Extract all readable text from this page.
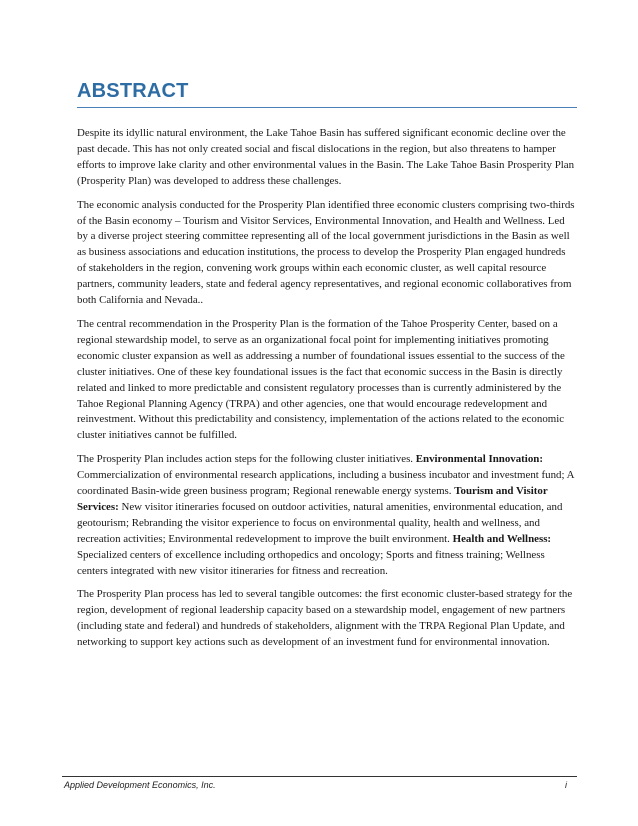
ABSTRACT

Despite its idyllic natural environment, the Lake Tahoe Basin has suffered significant economic decline over the past decade. This has not only created social and fiscal dislocations in the region, but also threatens to hamper efforts to improve lake clarity and other environmental values in the Basin. The Lake Tahoe Basin Prosperity Plan (Prosperity Plan) was developed to address these challenges.

The economic analysis conducted for the Prosperity Plan identified three economic clusters comprising two-thirds of the Basin economy – Tourism and Visitor Services, Environmental Innovation, and Health and Wellness. Led by a diverse project steering committee representing all of the local government jurisdictions in the Basin as well as business associations and education institutions, the process to develop the Prosperity Plan engaged hundreds of stakeholders in the region, convening work groups within each economic cluster, as well capital resource partners, community leaders, state and federal agency representatives, and regional economic collaboratives from both California and Nevada..

The central recommendation in the Prosperity Plan is the formation of the Tahoe Prosperity Center, based on a regional stewardship model, to serve as an organizational focal point for implementing initiatives promoting economic cluster expansion as well as addressing a number of foundational issues essential to the success of the cluster initiatives. One of these key foundational issues is the fact that economic success in the Basin is directly related and linked to more predictable and consistent regulatory processes than is currently administered by the Tahoe Regional Planning Agency (TRPA) and other agencies, one that would encourage redevelopment and reinvestment. Without this predictability and consistency, implementation of the actions related to the economic cluster initiatives cannot be fulfilled.

The Prosperity Plan includes action steps for the following cluster initiatives. Environmental Innovation: Commercialization of environmental research applications, including a business incubator and investment fund; A coordinated Basin-wide green business program; Regional renewable energy systems. Tourism and Visitor Services: New visitor itineraries focused on outdoor activities, natural amenities, environmental education, and geotourism; Rebranding the visitor experience to focus on environmental quality, health and wellness, and recreation activities; Environmental redevelopment to improve the built environment. Health and Wellness: Specialized centers of excellence including orthopedics and oncology; Sports and fitness training; Wellness centers integrated with new visitor itineraries for fitness and recreation.

The Prosperity Plan process has led to several tangible outcomes: the first economic cluster-based strategy for the region, development of regional leadership capacity based on a stewardship model, engagement of new partners (including state and federal) and hundreds of stakeholders, alignment with the TRPA Regional Plan Update, and networking to support key actions such as development of an investment fund for environmental innovation.

Applied Development Economics, Inc.	i
